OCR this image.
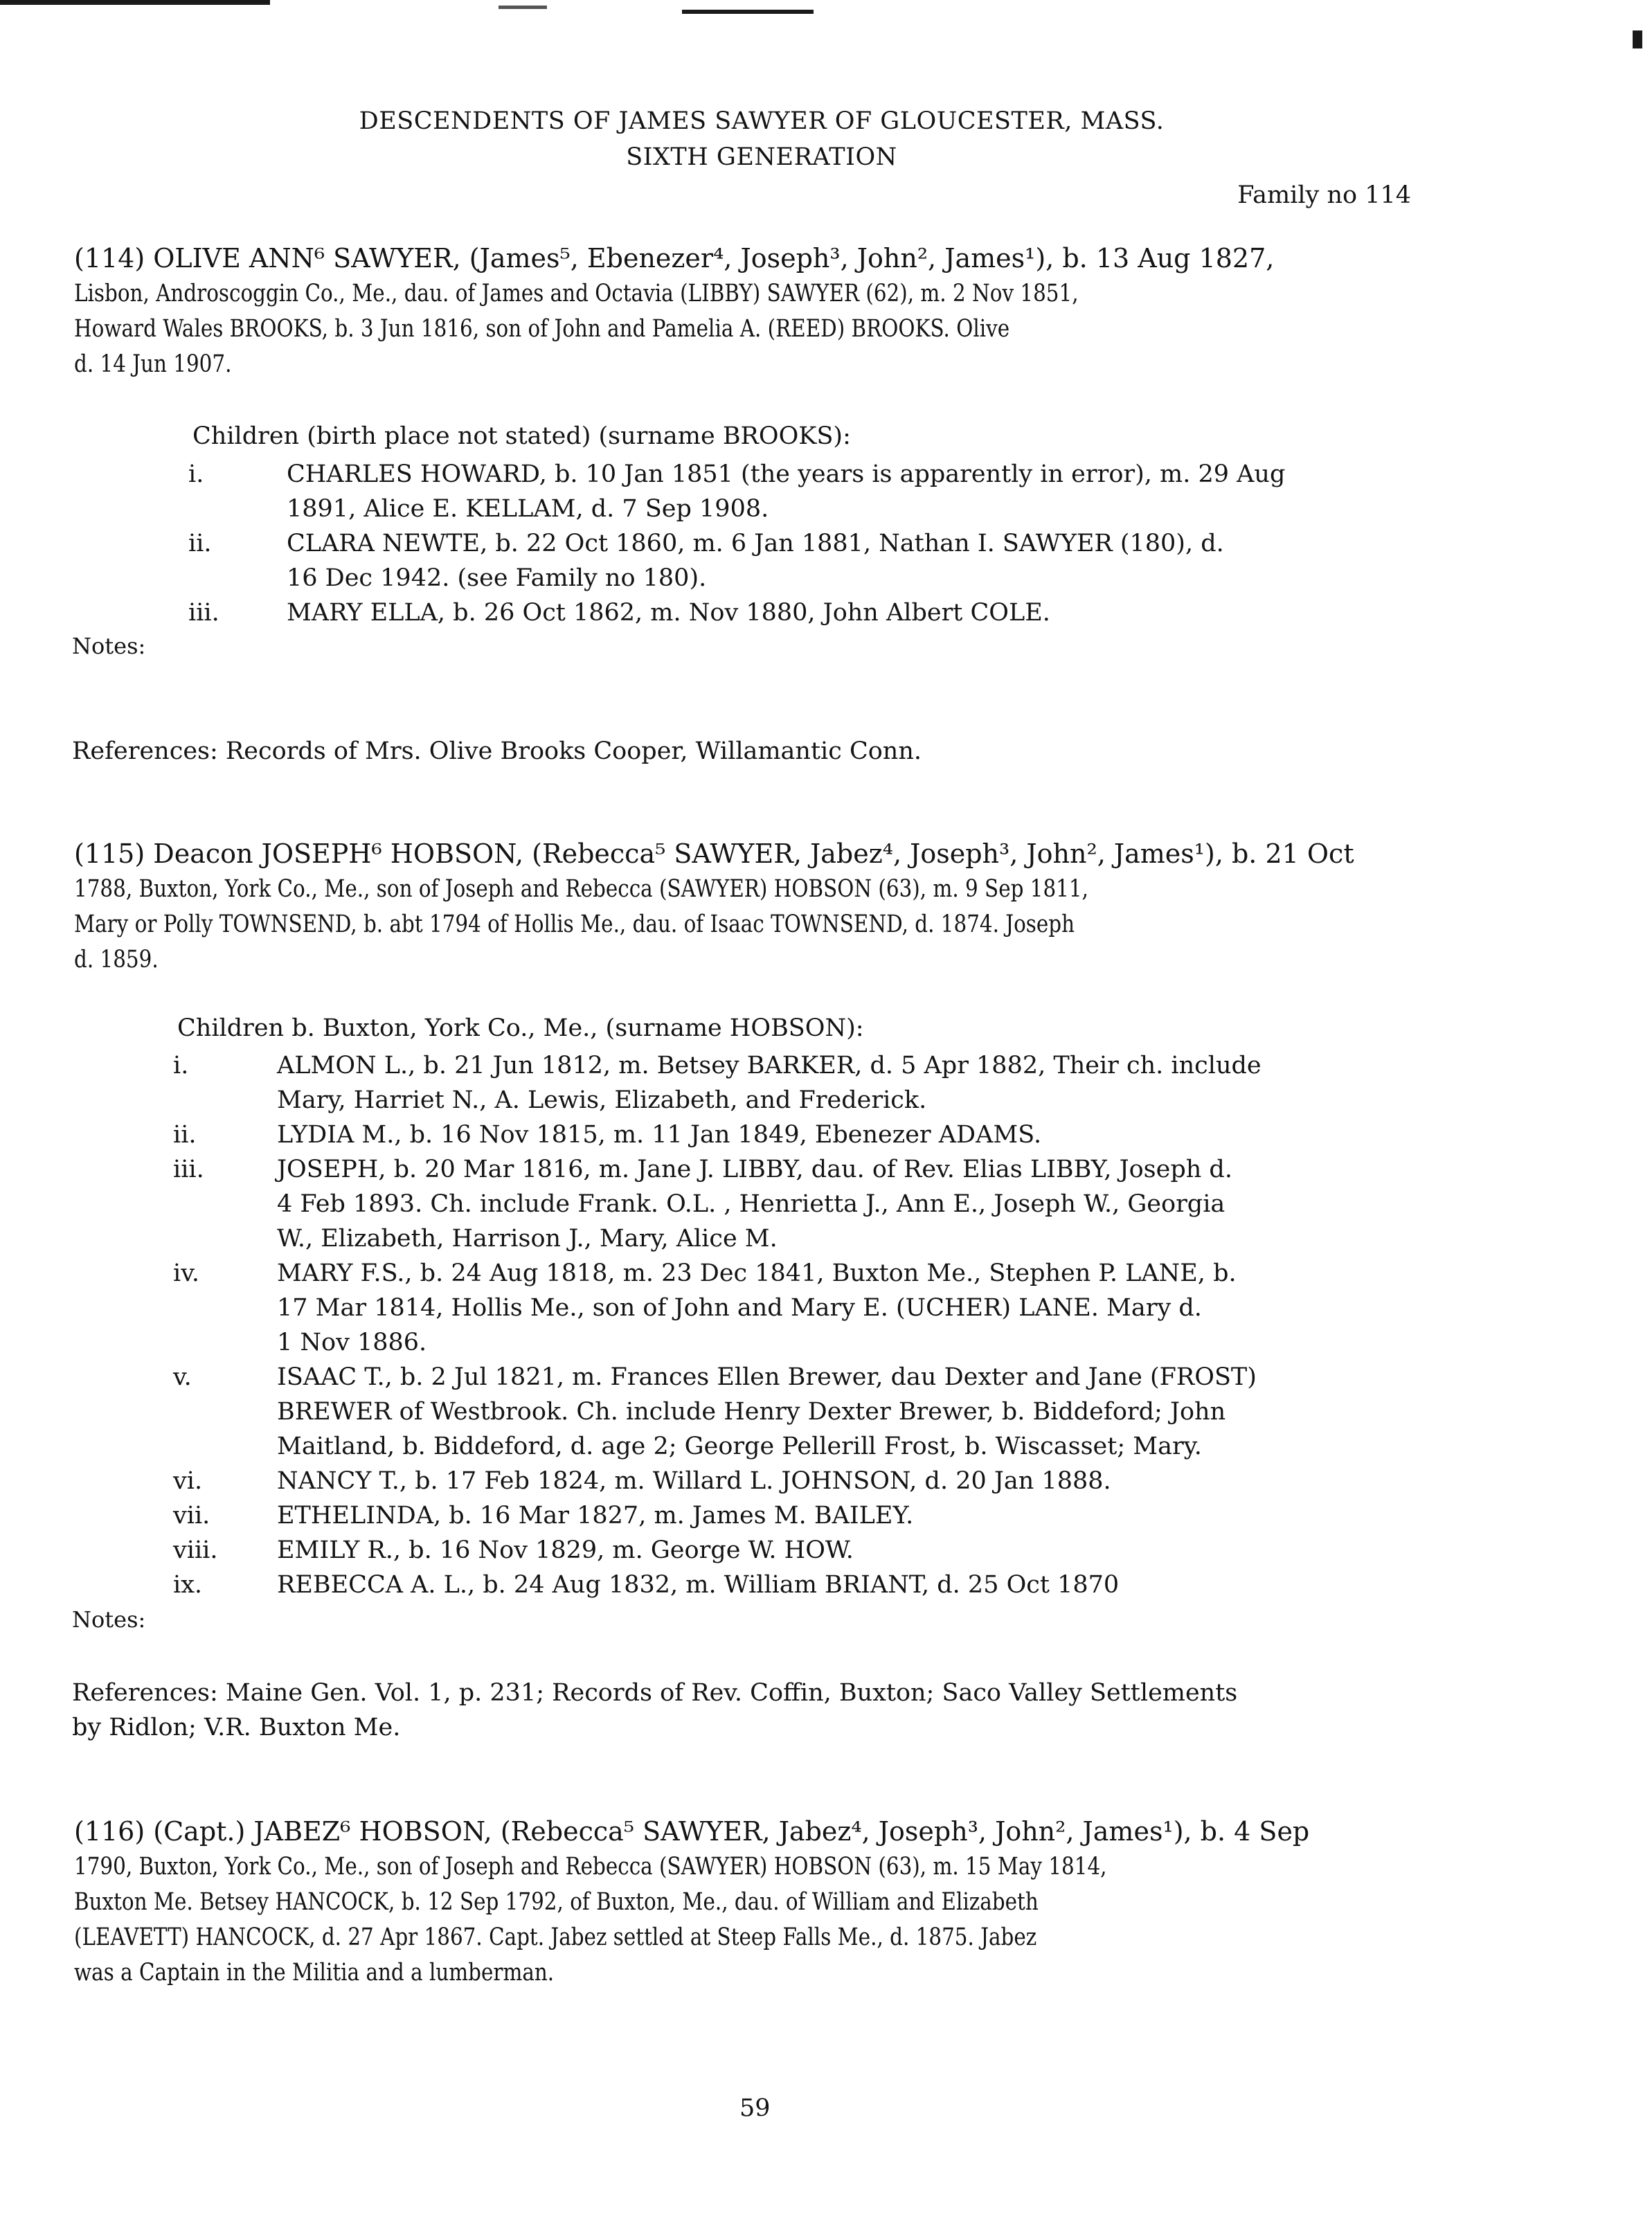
DESCENDENTS OF JAMES SAWYER OF GLOUCESTER, MASS.
SIXTH GENERATION
Family no 114
(114) OLIVE ANN⁶ SAWYER, (James⁵, Ebenezer⁴, Joseph³, John², James¹), b. 13 Aug 1827,
Lisbon, Androscoggin Co., Me., dau. of James and Octavia (LIBBY) SAWYER (62), m. 2 Nov 1851,
Howard Wales BROOKS, b. 3 Jun 1816, son of John and Pamelia A. (REED) BROOKS. Olive
d. 14 Jun 1907.
Children (birth place not stated) (surname BROOKS):
i.	CHARLES HOWARD, b. 10 Jan 1851 (the years is apparently in error), m. 29 Aug
1891, Alice E. KELLAM, d. 7 Sep 1908.
ii.	CLARA NEWTE, b. 22 Oct 1860, m. 6 Jan 1881, Nathan I. SAWYER (180), d.
16 Dec 1942. (see Family no 180).
iii.	MARY ELLA, b. 26 Oct 1862, m. Nov 1880, John Albert COLE.
Notes:
References: Records of Mrs. Olive Brooks Cooper, Willamantic Conn.
(115) Deacon JOSEPH⁶ HOBSON, (Rebecca⁵ SAWYER, Jabez⁴, Joseph³, John², James¹), b. 21 Oct
1788, Buxton, York Co., Me., son of Joseph and Rebecca (SAWYER) HOBSON (63), m. 9 Sep 1811,
Mary or Polly TOWNSEND, b. abt 1794 of Hollis Me., dau. of Isaac TOWNSEND, d. 1874. Joseph
d. 1859.
Children b. Buxton, York Co., Me., (surname HOBSON):
i.	ALMON L., b. 21 Jun 1812, m. Betsey BARKER, d. 5 Apr 1882, Their ch. include
Mary, Harriet N., A. Lewis, Elizabeth, and Frederick.
ii.	LYDIA M., b. 16 Nov 1815, m. 11 Jan 1849, Ebenezer ADAMS.
iii.	JOSEPH, b. 20 Mar 1816, m. Jane J. LIBBY, dau. of Rev. Elias LIBBY, Joseph d.
4 Feb 1893. Ch. include Frank. O.L. , Henrietta J., Ann E., Joseph W., Georgia
W., Elizabeth, Harrison J., Mary, Alice M.
iv.	MARY F.S., b. 24 Aug 1818, m. 23 Dec 1841, Buxton Me., Stephen P. LANE, b.
17 Mar 1814, Hollis Me., son of John and Mary E. (UCHER) LANE. Mary d.
1 Nov 1886.
v.	ISAAC T., b. 2 Jul 1821, m. Frances Ellen Brewer, dau Dexter and Jane (FROST)
BREWER of Westbrook. Ch. include Henry Dexter Brewer, b. Biddeford; John
Maitland, b. Biddeford, d. age 2; George Pellerill Frost, b. Wiscasset; Mary.
vi.	NANCY T., b. 17 Feb 1824, m. Willard L. JOHNSON, d. 20 Jan 1888.
vii.	ETHELINDA, b. 16 Mar 1827, m. James M. BAILEY.
viii. EMILY R., b. 16 Nov 1829, m. George W. HOW.
ix.	REBECCA A. L., b. 24 Aug 1832, m. William BRIANT, d. 25 Oct 1870
Notes:
References: Maine Gen. Vol. 1, p. 231; Records of Rev. Coffin, Buxton; Saco Valley Settlements
by Ridlon; V.R. Buxton Me.
(116) (Capt.) JABEZ⁶ HOBSON, (Rebecca⁵ SAWYER, Jabez⁴, Joseph³, John², James¹), b. 4 Sep
1790, Buxton, York Co., Me., son of Joseph and Rebecca (SAWYER) HOBSON (63), m. 15 May 1814,
Buxton Me. Betsey HANCOCK, b. 12 Sep 1792, of Buxton, Me., dau. of William and Elizabeth
(LEAVETT) HANCOCK, d. 27 Apr 1867. Capt. Jabez settled at Steep Falls Me., d. 1875. Jabez
was a Captain in the Militia and a lumberman.
59
